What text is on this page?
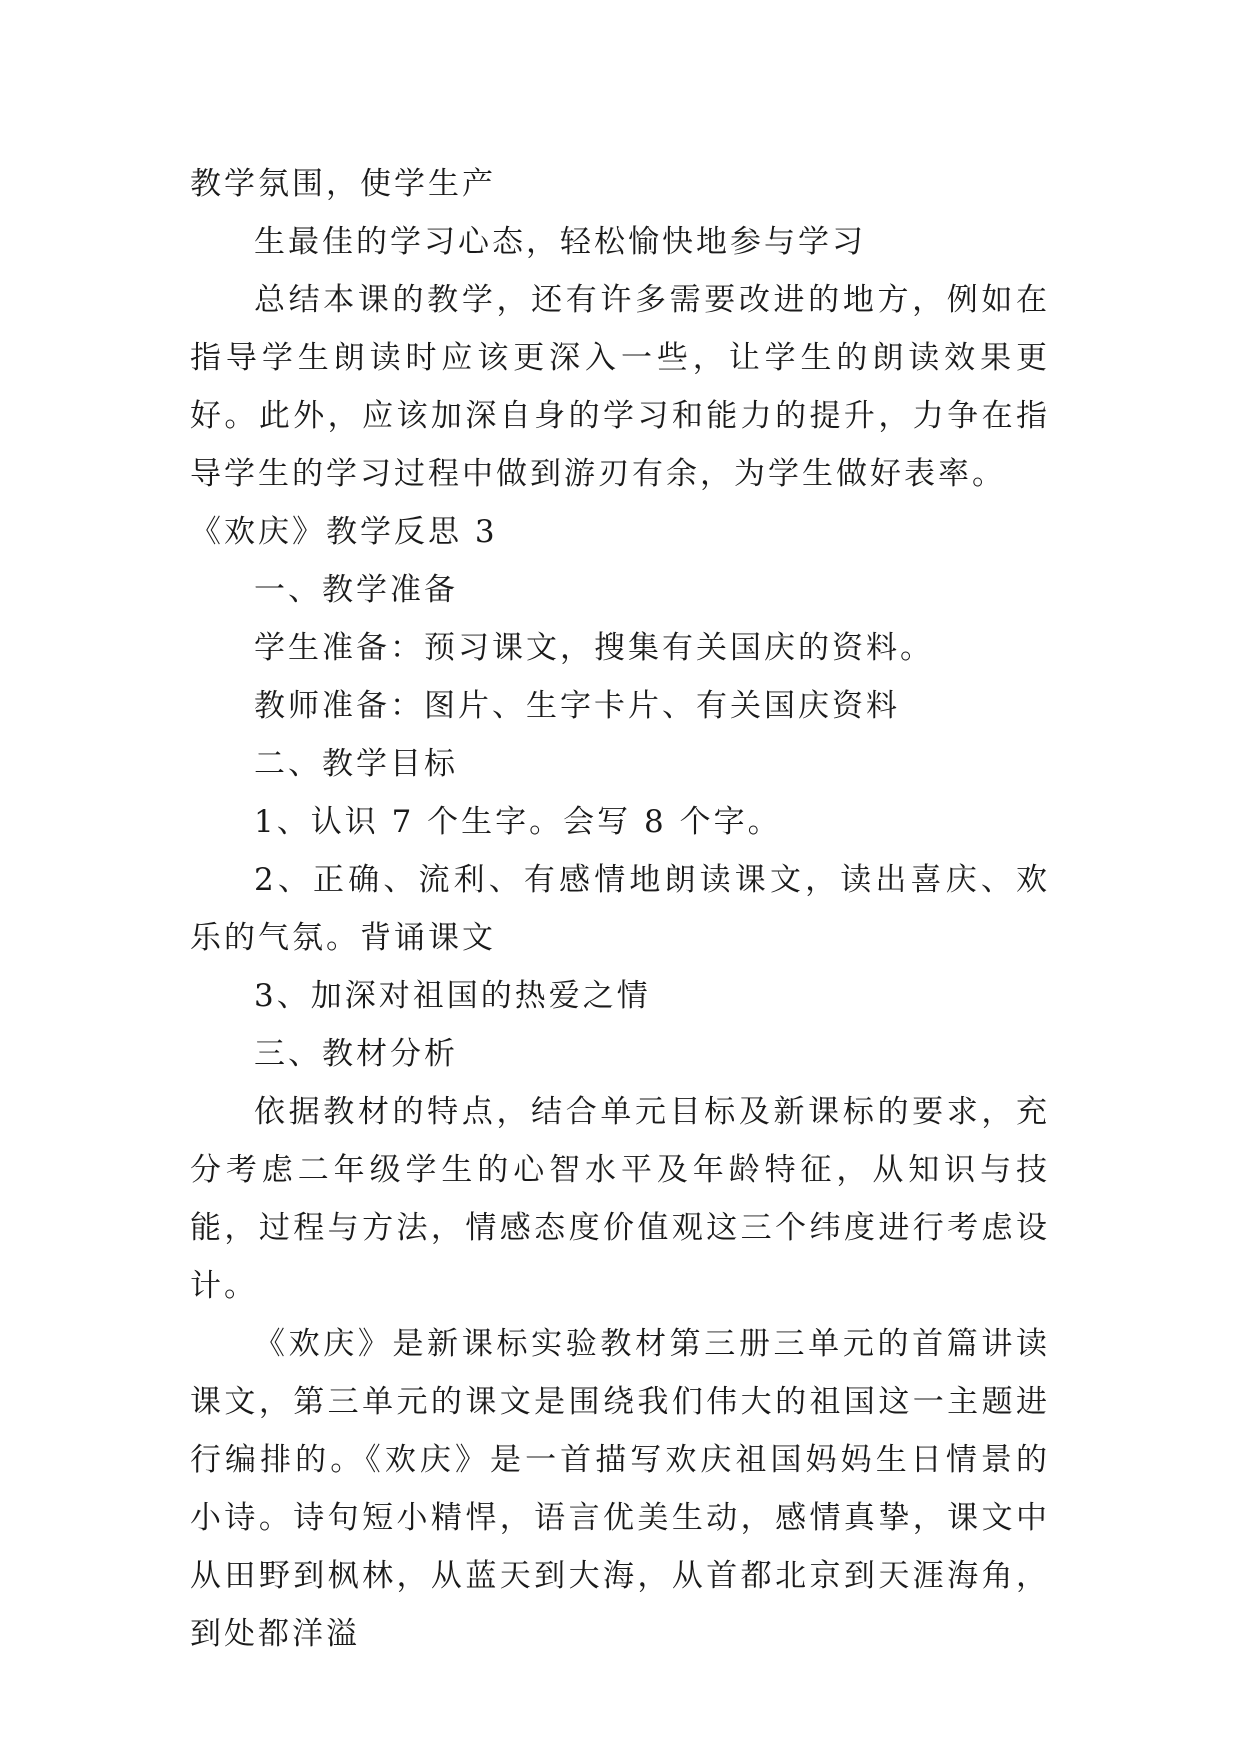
教学氛围，使学生产

生最佳的学习心态，轻松愉快地参与学习

总结本课的教学，还有许多需要改进的地方，例如在指导学生朗读时应该更深入一些，让学生的朗读效果更好。此外，应该加深自身的学习和能力的提升，力争在指导学生的学习过程中做到游刃有余，为学生做好表率。

《欢庆》教学反思 3

一、教学准备

学生准备：预习课文，搜集有关国庆的资料。

教师准备：图片、生字卡片、有关国庆资料

二、教学目标

1、认识 7 个生字。会写 8 个字。

2、正确、流利、有感情地朗读课文，读出喜庆、欢乐的气氛。背诵课文

3、加深对祖国的热爱之情

三、教材分析

依据教材的特点，结合单元目标及新课标的要求，充分考虑二年级学生的心智水平及年龄特征，从知识与技能，过程与方法，情感态度价值观这三个纬度进行考虑设计。

《欢庆》是新课标实验教材第三册三单元的首篇讲读课文，第三单元的课文是围绕我们伟大的祖国这一主题进行编排的。《欢庆》是一首描写欢庆祖国妈妈生日情景的小诗。诗句短小精悍，语言优美生动，感情真挚，课文中从田野到枫林，从蓝天到大海，从首都北京到天涯海角，到处都洋溢
